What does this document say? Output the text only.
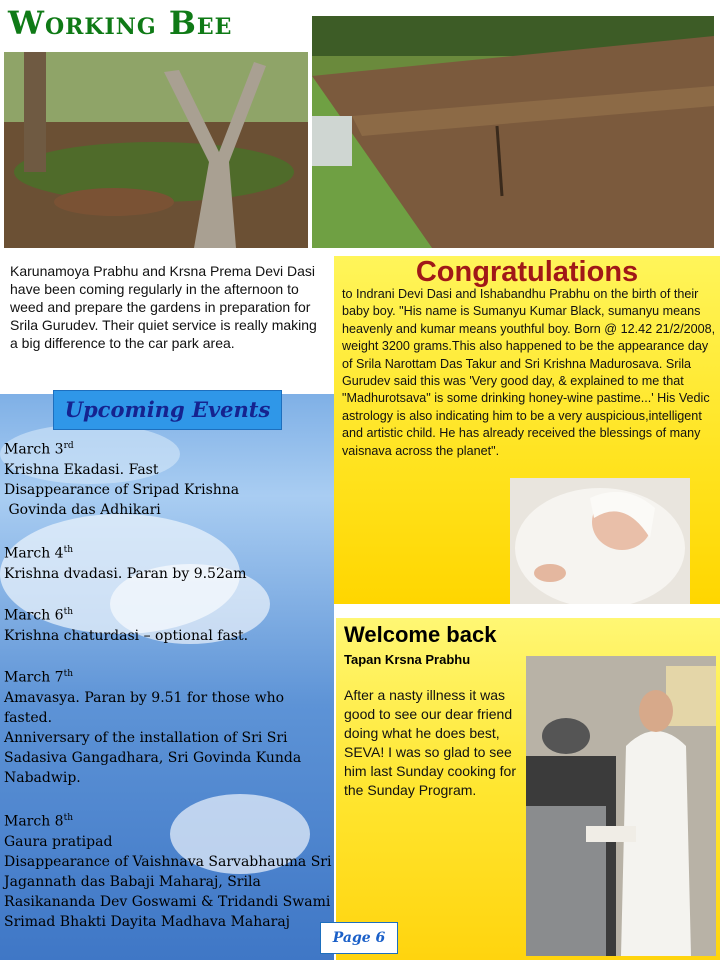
Working Bee
Karunamoya Prabhu and Krsna Prema Devi Dasi have been coming regularly in the afternoon to weed and prepare the gardens in preparation for Srila Gurudev. Their quiet service is really making a big difference to the car park area.
Congratulations
to Indrani Devi Dasi and Ishabandhu Prabhu on the birth of their baby boy. "His name is Sumanyu Kumar Black, sumanyu means heavenly and kumar means youthful boy. Born @ 12.42 21/2/2008, weight 3200 grams.This also happened to be the appearance day of Srila Narottam Das Takur and Sri Krishna Madurosava. Srila Gurudev said this was 'Very good day, & explained to me that "Madhurotsava" is some drinking honey-wine pastime...' His Vedic astrology is also indicating him to be a very auspicious,intelligent and artistic child. He has already received the blessings of many vaisnava across the planet".
Upcoming Events
March 3rd
Krishna Ekadasi. Fast
Disappearance of Sripad Krishna
Govinda das Adhikari
March 4th
Krishna dvadasi. Paran by 9.52am
March 6th
Krishna chaturdasi – optional fast.
March 7th
Amavasya. Paran by 9.51 for those who fasted.
Anniversary of the installation of Sri Sri Sadasiva Gangadhara, Sri Govinda Kunda Nabadwip.
March 8th
Gaura pratipad
Disappearance of Vaishnava Sarvabhauma Sri Jagannath das Babaji Maharaj, Srila Rasikananda Dev Goswami & Tridandi Swami Srimad Bhakti Dayita Madhava Maharaj
Welcome back
Tapan Krsna Prabhu
After a nasty illness it was good to see our dear friend doing what he does best, SEVA! I was so glad to see him last Sunday cooking for the Sunday Program.
Page 6
